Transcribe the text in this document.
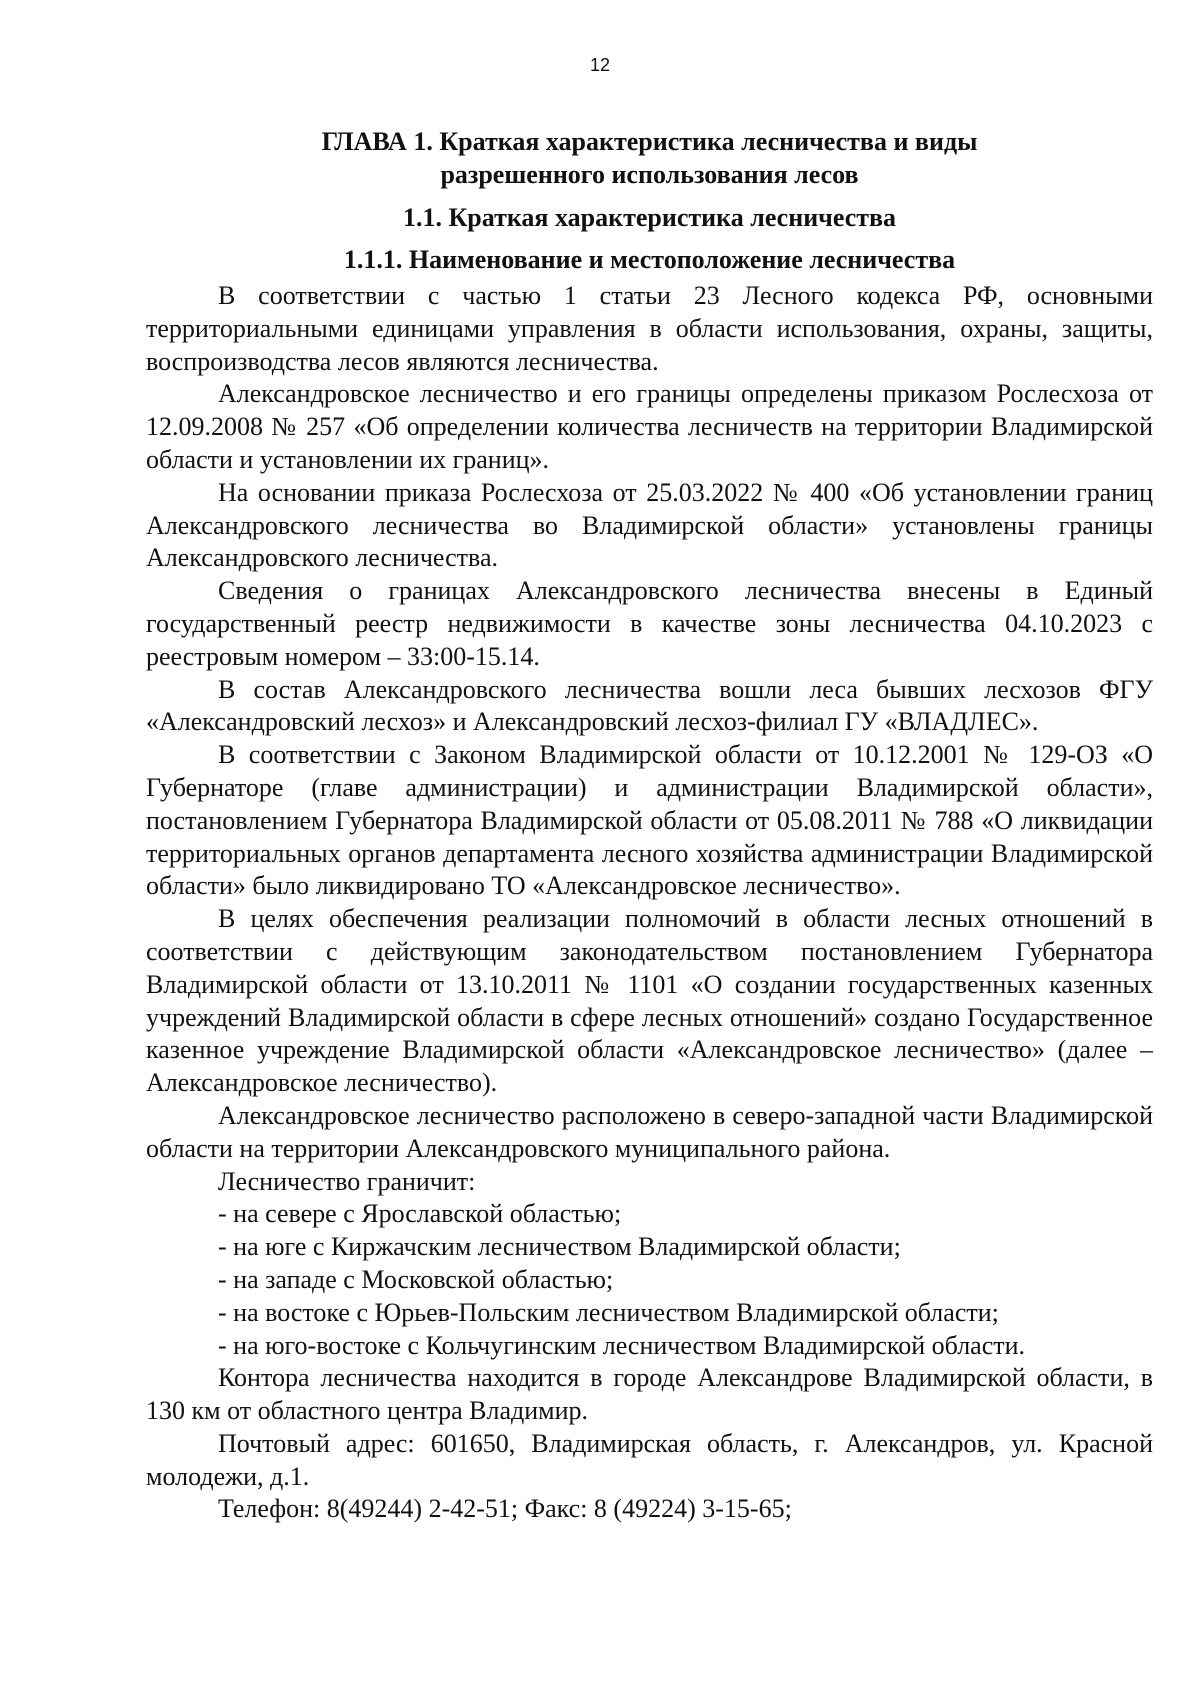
12

ГЛАВА 1. Краткая характеристика лесничества и виды разрешенного использования лесов

1.1. Краткая характеристика лесничества

1.1.1. Наименование и местоположение лесничества

В соответствии с частью 1 статьи 23 Лесного кодекса РФ, основными территориальными единицами управления в области использования, охраны, защиты, воспроизводства лесов являются лесничества.

Александровское лесничество и его границы определены приказом Рослесхоза от 12.09.2008 № 257 «Об определении количества лесничеств на территории Владимирской области и установлении их границ».

На основании приказа Рослесхоза от 25.03.2022 № 400 «Об установлении границ Александровского лесничества во Владимирской области» установлены границы Александровского лесничества.

Сведения о границах Александровского лесничества внесены в Единый государственный реестр недвижимости в качестве зоны лесничества 04.10.2023 с реестровым номером – 33:00-15.14.

В состав Александровского лесничества вошли леса бывших лесхозов ФГУ «Александровский лесхоз» и Александровский лесхоз-филиал ГУ «ВЛАДЛЕС».

В соответствии с Законом Владимирской области от 10.12.2001 № 129-ОЗ «О Губернаторе (главе администрации) и администрации Владимирской области», постановлением Губернатора Владимирской области от 05.08.2011 № 788 «О ликвидации территориальных органов департамента лесного хозяйства администрации Владимирской области» было ликвидировано ТО «Александровское лесничество».

В целях обеспечения реализации полномочий в области лесных отношений в соответствии с действующим законодательством постановлением Губернатора Владимирской области от 13.10.2011 № 1101 «О создании государственных казенных учреждений Владимирской области в сфере лесных отношений» создано Государственное казенное учреждение Владимирской области «Александровское лесничество» (далее – Александровское лесничество).

Александровское лесничество расположено в северо-западной части Владимирской области на территории Александровского муниципального района.

Лесничество граничит:

- на севере с Ярославской областью;

- на юге с Киржачским лесничеством Владимирской области;

- на западе с Московской областью;

- на востоке с Юрьев-Польским лесничеством Владимирской области;

- на юго-востоке с Кольчугинским лесничеством Владимирской области.

Контора лесничества находится в городе Александрове Владимирской области, в 130 км от областного центра Владимир.

Почтовый адрес: 601650, Владимирская область, г. Александров, ул. Красной молодежи, д.1.

Телефон: 8(49244) 2-42-51; Факс: 8 (49224) 3-15-65;
